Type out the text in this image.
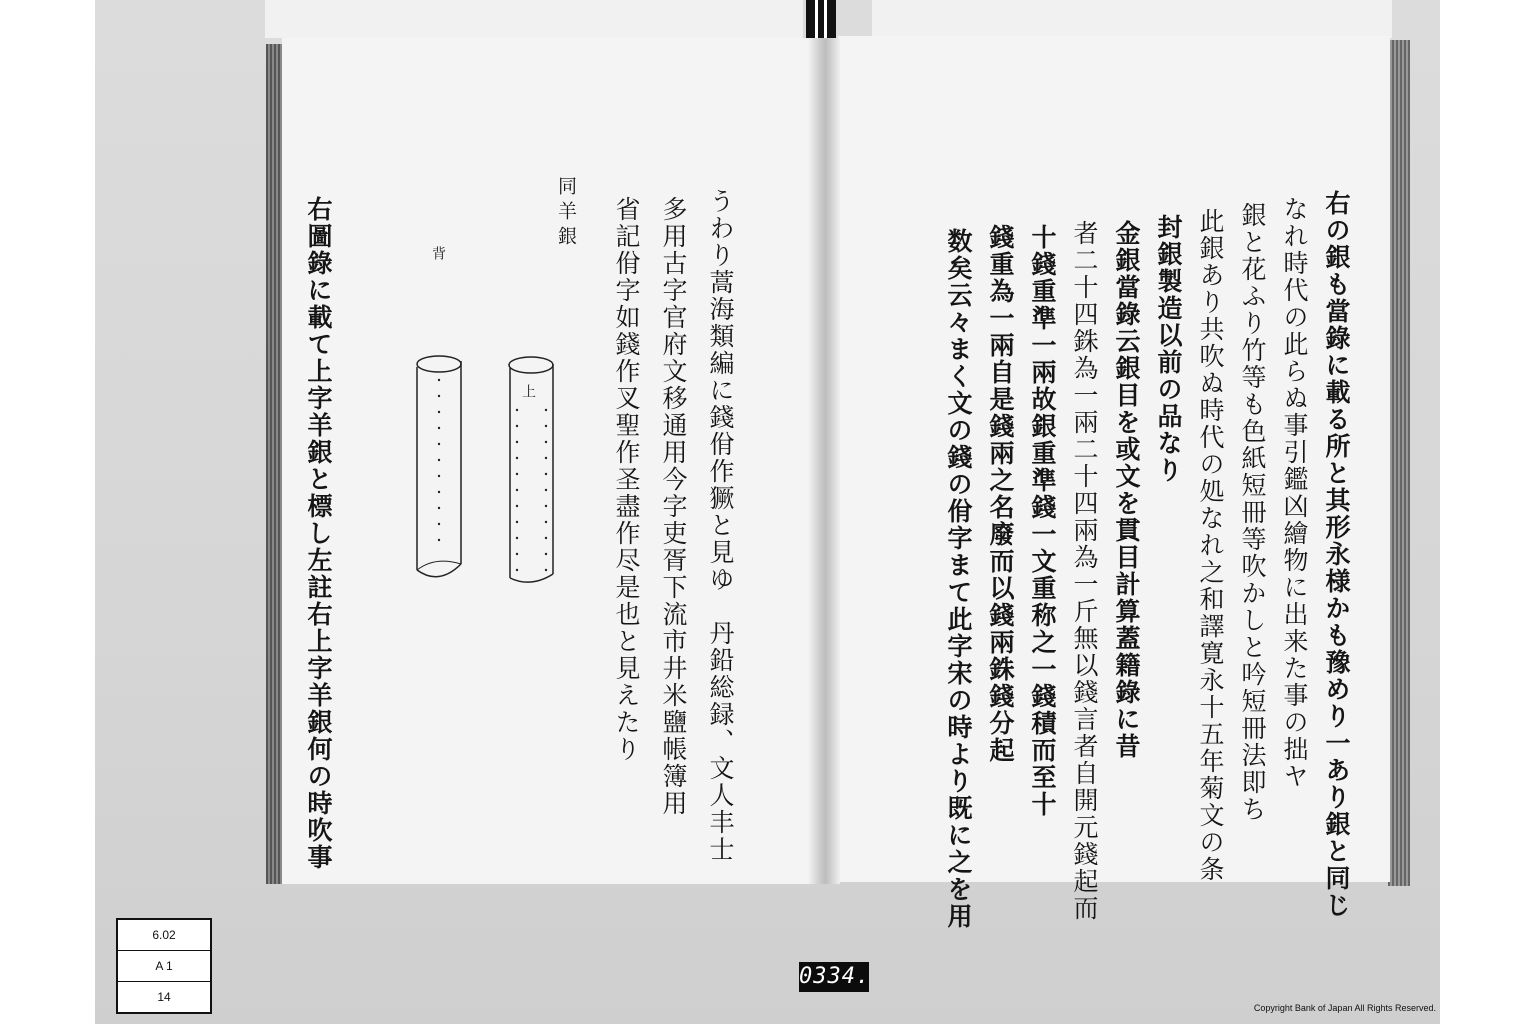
同羊銀	うわり蒿海類編に錢佾作獗と見ゆ　丹鉛総録、文人丰士
多用古字官府文移通用今字吏胥下流市井米鹽帳簿用
省記佾字如錢作叉聖作圣盡作尽是也と見えたり
右圖錄に載て上字羊銀と標し左註右上字羊銀何の時吹事	背
上	右の銀も當錄に載る所と其形永様かも豫めり一あり銀と同じ
なれ時代の此らぬ事引鑑凶繪物に出来た事の拙ヤ
銀と花ふり竹等も色紙短冊等吹かしと吟短冊法即ち
此銀あり共吹ぬ時代の処なれ之和譯寛永十五年菊文の条
封銀製造以前の品なり
金銀當錄云銀目を或文を貫目計算蓋籍錄に昔
者二十四銖為一兩二十四兩為一斤無以錢言者自開元錢起而
十錢重準一兩故銀重準錢一文重称之一錢積而至十
錢重為一兩自是錢兩之名廢而以錢兩銖錢分起
数矣云々まく文の錢の佾字まて此字宋の時より既に之を用
6.02
A 1
14
0334.
Copyright Bank of Japan All Rights Reserved.
